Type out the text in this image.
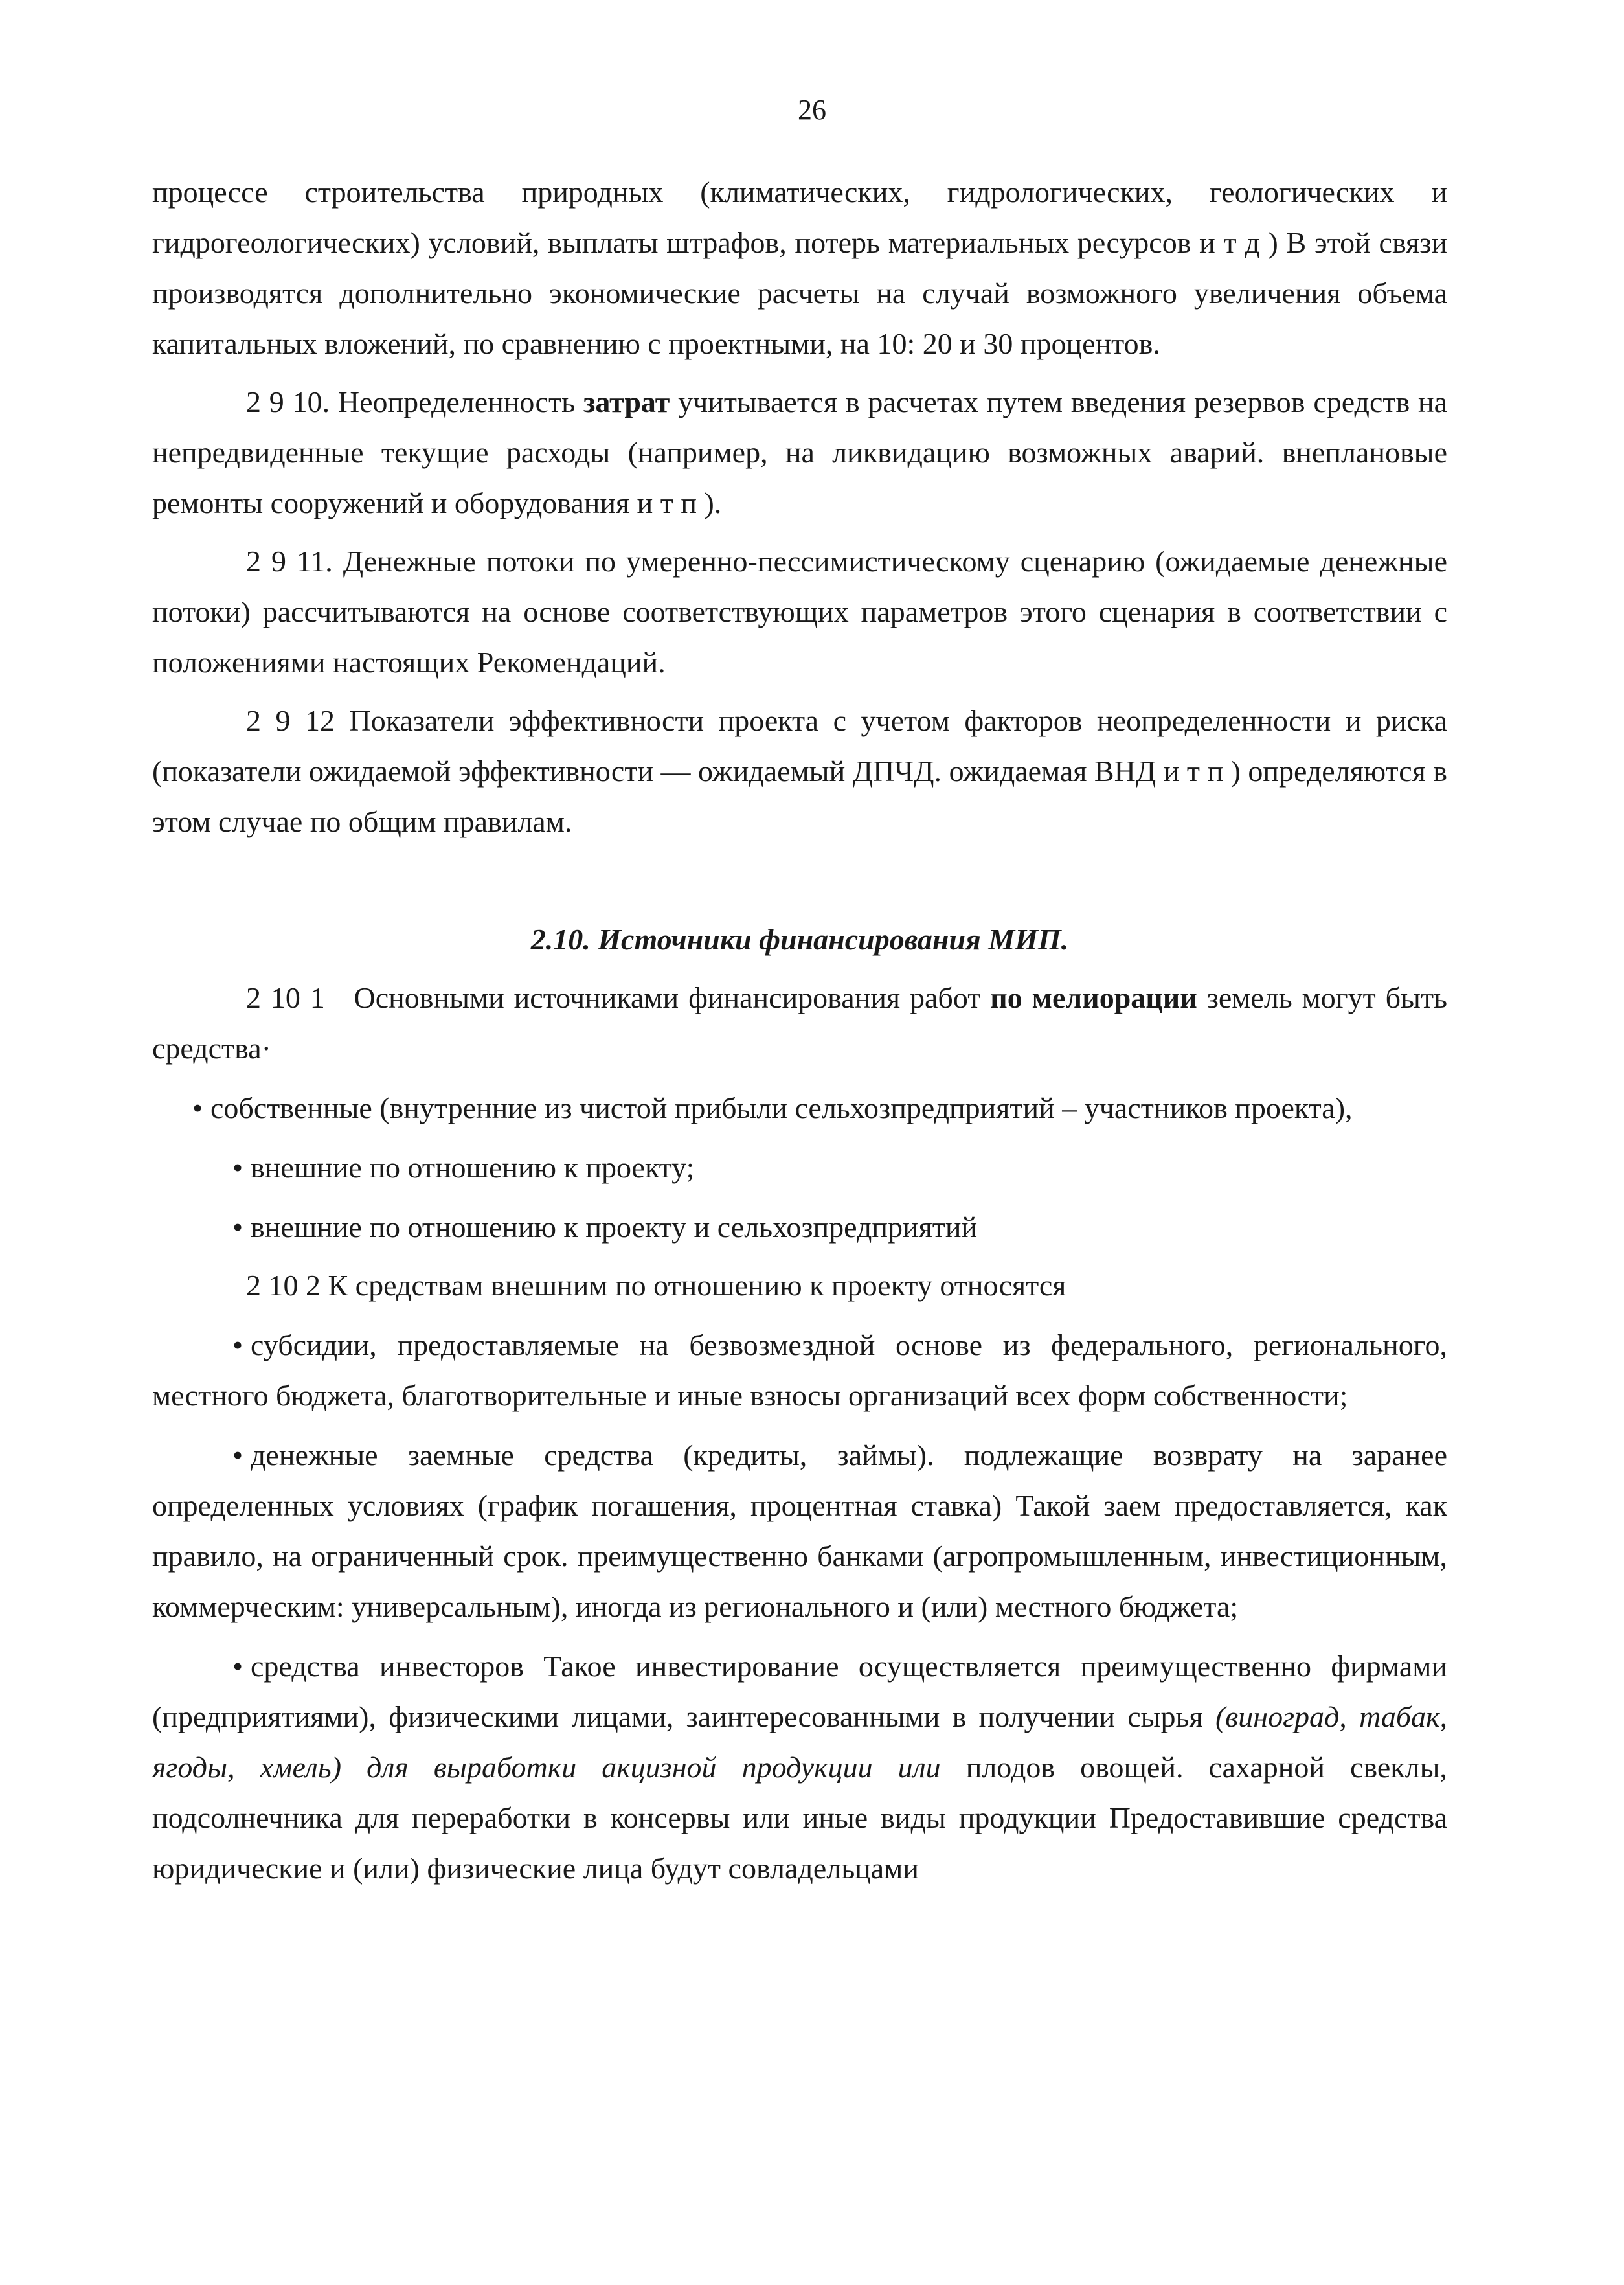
26

процессе строительства природных (климатических, гидрологических, геологических и гидрогеологических) условий, выплаты штрафов, потерь материальных ресурсов и т д ) В этой связи производятся дополнительно экономические расчеты на случай возможного увеличения объема капитальных вложений, по сравнению с проектными, на 10: 20 и 30 процентов.

2 9 10. Неопределенность затрат учитывается в расчетах путем введения резервов средств на непредвиденные текущие расходы (например, на ликвидацию возможных аварий. внеплановые ремонты сооружений и оборудования и т п ).

2 9 11. Денежные потоки по умеренно-пессимистическому сценарию (ожидаемые денежные потоки) рассчитываются на основе соответствующих параметров этого сценария в соответствии с положениями настоящих Рекомендаций.

2 9 12 Показатели эффективности проекта с учетом факторов неопределенности и риска (показатели ожидаемой эффективности — ожидаемый ДПЧД. ожидаемая ВНД и т п ) определяются в этом случае по общим правилам.

2.10. Источники финансирования МИП.

2 10 1 Основными источниками финансирования работ по мелиорации земель могут быть средства·

• собственные (внутренние из чистой прибыли сельхозпредприятий – участников проекта),

• внешние по отношению к проекту;

• внешние по отношению к проекту и сельхозпредприятий

2 10 2 К средствам внешним по отношению к проекту относятся

• субсидии, предоставляемые на безвозмездной основе из федерального, регионального, местного бюджета, благотворительные и иные взносы организаций всех форм собственности;

• денежные заемные средства (кредиты, займы). подлежащие возврату на заранее определенных условиях (график погашения, процентная ставка) Такой заем предоставляется, как правило, на ограниченный срок. преимущественно банками (агропромышленным, инвестиционным, коммерческим: универсальным), иногда из регионального и (или) местного бюджета;

• средства инвесторов Такое инвестирование осуществляется преимущественно фирмами (предприятиями), физическими лицами, заинтересованными в получении сырья (виноград, табак, ягоды, хмель) для выработки акцизной продукции или плодов овощей. сахарной свеклы, подсолнечника для переработки в консервы или иные виды продукции Предоставившие средства юридические и (или) физические лица будут совладельцами
